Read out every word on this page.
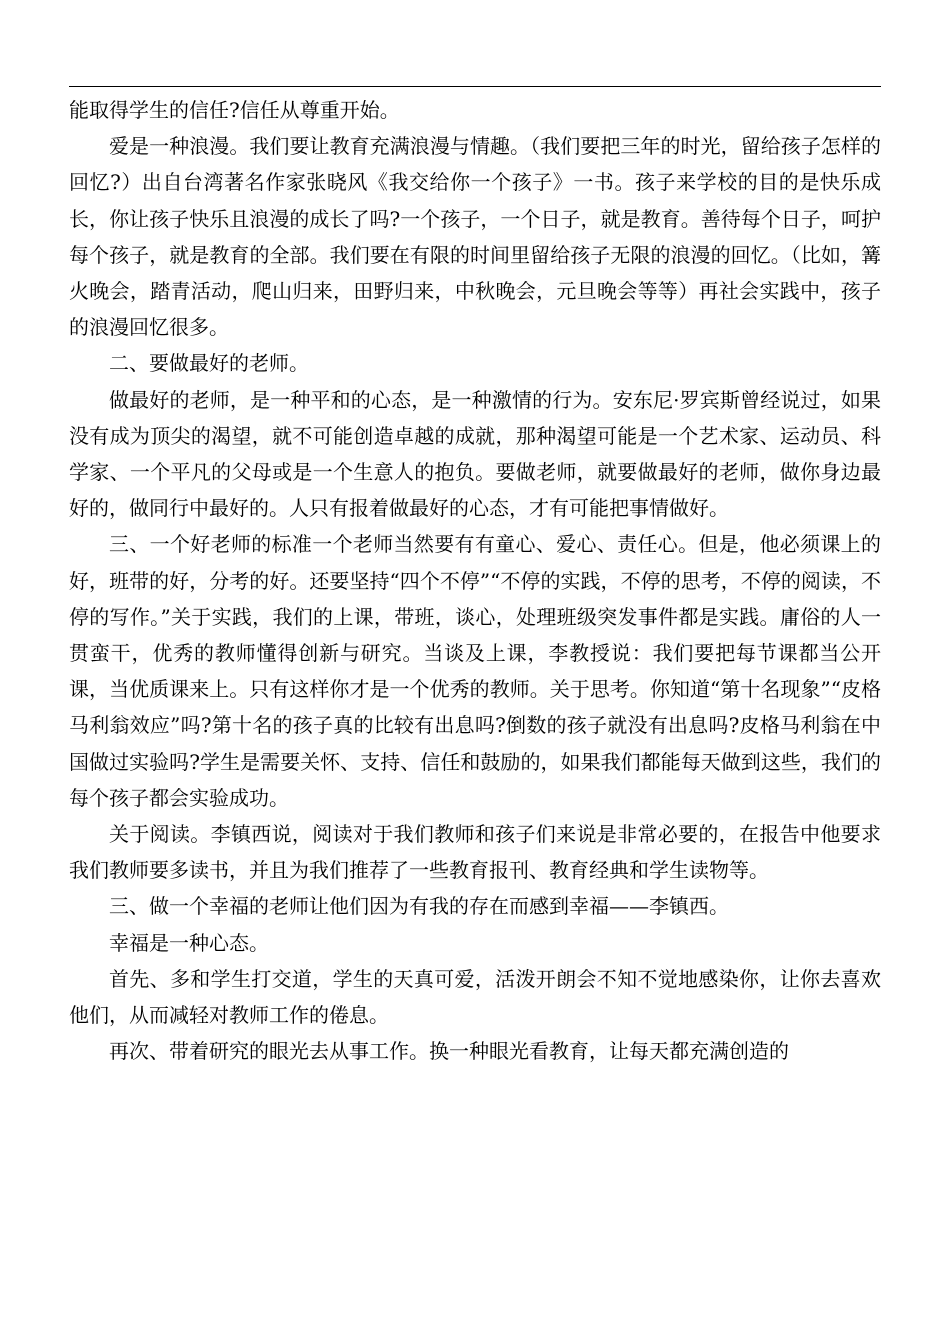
能取得学生的信任?信任从尊重开始。

爱是一种浪漫。我们要让教育充满浪漫与情趣。（我们要把三年的时光，留给孩子怎样的回忆?）出自台湾著名作家张晓风《我交给你一个孩子》一书。孩子来学校的目的是快乐成长，你让孩子快乐且浪漫的成长了吗?一个孩子，一个日子，就是教育。善待每个日子，呵护每个孩子，就是教育的全部。我们要在有限的时间里留给孩子无限的浪漫的回忆。（比如，篝火晚会，踏青活动，爬山归来，田野归来，中秋晚会，元旦晚会等等）再社会实践中，孩子的浪漫回忆很多。

二、要做最好的老师。

做最好的老师，是一种平和的心态，是一种激情的行为。安东尼·罗宾斯曾经说过，如果没有成为顶尖的渴望，就不可能创造卓越的成就，那种渴望可能是一个艺术家、运动员、科学家、一个平凡的父母或是一个生意人的抱负。要做老师，就要做最好的老师，做你身边最好的，做同行中最好的。人只有报着做最好的心态，才有可能把事情做好。

三、一个好老师的标准一个老师当然要有有童心、爱心、责任心。但是，他必须课上的好，班带的好，分考的好。还要坚持“四个不停”“不停的实践，不停的思考，不停的阅读，不停的写作。”关于实践，我们的上课，带班，谈心，处理班级突发事件都是实践。庸俗的人一贯蛮干，优秀的教师懂得创新与研究。当谈及上课，李教授说：我们要把每节课都当公开课，当优质课来上。只有这样你才是一个优秀的教师。关于思考。你知道“第十名现象”“皮格马利翁效应”吗?第十名的孩子真的比较有出息吗?倒数的孩子就没有出息吗?皮格马利翁在中国做过实验吗?学生是需要关怀、支持、信任和鼓励的，如果我们都能每天做到这些，我们的每个孩子都会实验成功。

关于阅读。李镇西说，阅读对于我们教师和孩子们来说是非常必要的，在报告中他要求我们教师要多读书，并且为我们推荐了一些教育报刊、教育经典和学生读物等。

三、做一个幸福的老师让他们因为有我的存在而感到幸福——李镇西。

幸福是一种心态。

首先、多和学生打交道，学生的天真可爱，活泼开朗会不知不觉地感染你，让你去喜欢他们，从而减轻对教师工作的倦息。

再次、带着研究的眼光去从事工作。换一种眼光看教育，让每天都充满创造的
